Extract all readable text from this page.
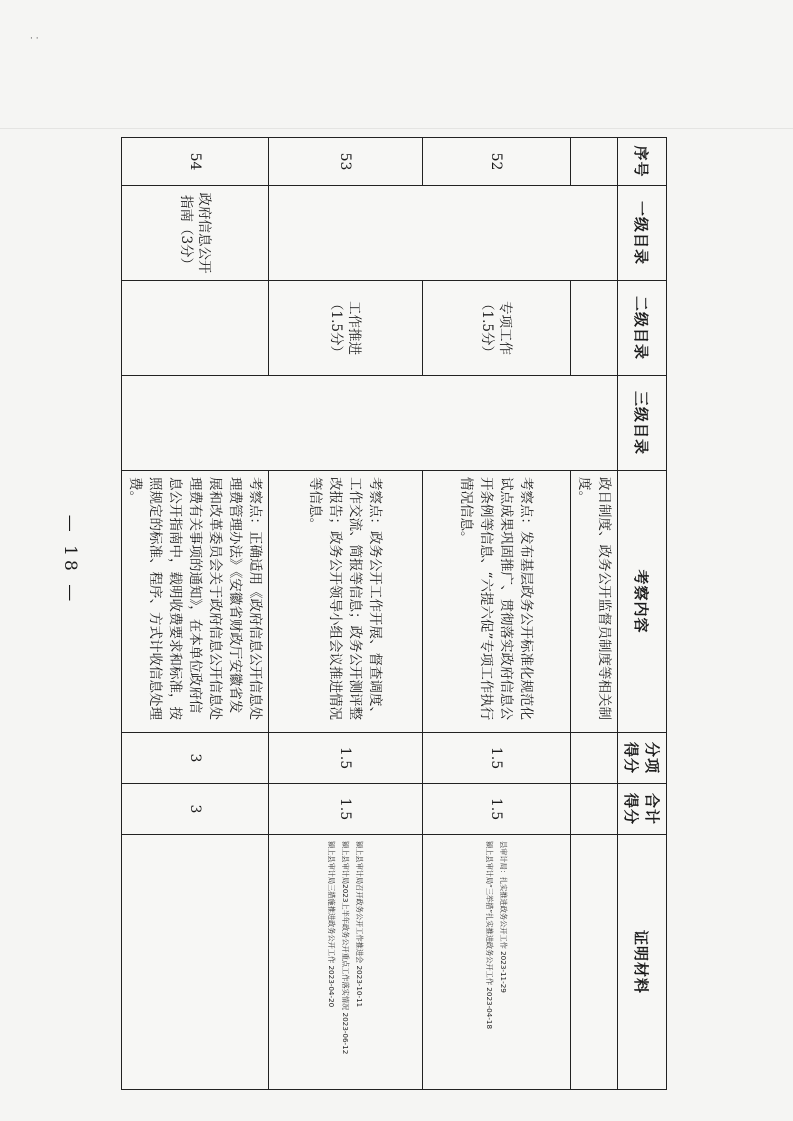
· ·
— 18 —
序号	一级目录	二级目录	三级目录	考察内容	分项得分	合计得分	证明材料
				政日制度、政务公开监督员制度等相关制度。			
52		专项工作（1.5分）		考察点：发布基层政务公开标准化规范化试点成果巩固推广、贯彻落实政府信息公开条例等信息、“六提六促”专项工作执行情况信息。	1.5	1.5	县审计局：扎实推进政务公开工作 2023-11-29
颍上县审计局“三举措”扎实推进政务公开工作 2023-04-18

53		工作推进（1.5分）		考察点：政务公开工作开展、督查调度、工作交流、简报等信息；政务公开测评整改报告；政务公开领导小组会议推进情况等信息。	1.5	1.5	颍上县审计局召开政务公开工作推进会 2023-10-11
颍上县审计局2023上半年政务公开重点工作落实情况 2023-06-12
颍上县审计局三措施推进政务公开工作 2023-04-20

54	政府信息公开指南（3分）			考察点：正确适用《政府信息公开信息处理费管理办法》《安徽省财政厅安徽省发展和改革委员会关于政府信息公开信息处理费有关事项的通知》，在本单位政府信息公开指南中，载明收费要求和标准，按照规定的标准、程序、方式计收信息处理费。	3	3	
